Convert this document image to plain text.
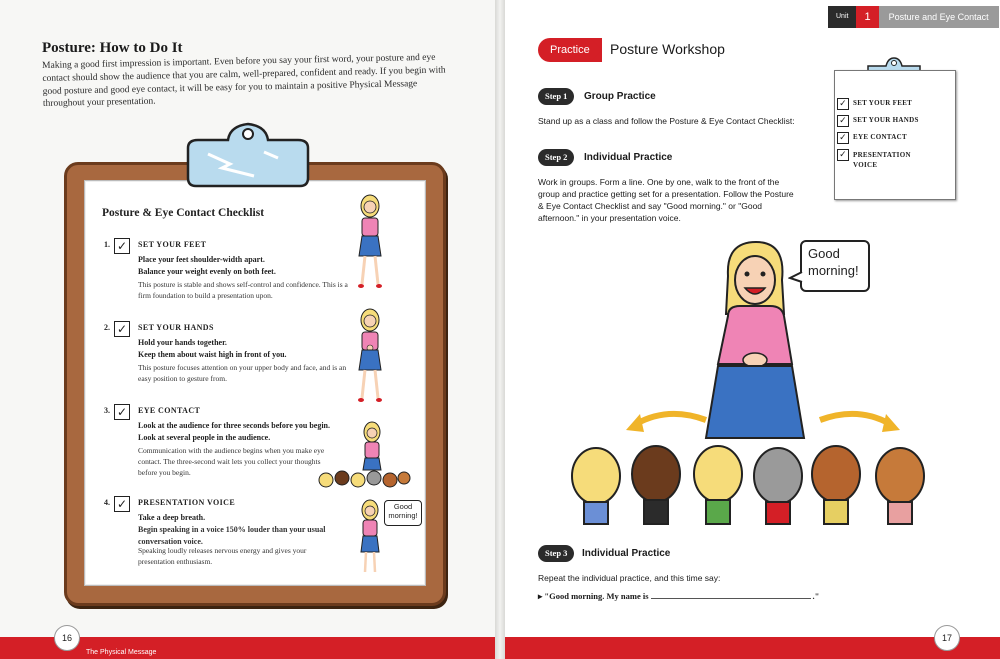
Posture: How to Do It
Making a good first impression is important. Even before you say your first word, your posture and eye contact should show the audience that you are calm, well-prepared, confident and ready. If you begin with good posture and good eye contact, it will be easy for you to maintain a positive Physical Message throughout your presentation.
Posture & Eye Contact Checklist
1. ✓	SET YOUR FEET
Place your feet shoulder-width apart.
Balance your weight evenly on both feet.
This posture is stable and shows self-control and confidence. This is a firm foundation to build a presentation upon.
2. ✓	SET YOUR HANDS
Hold your hands together.
Keep them about waist high in front of you.
This posture focuses attention on your upper body and face, and is an easy position to gesture from.
3. ✓	EYE CONTACT
Look at the audience for three seconds before you begin.
Look at several people in the audience.
Communication with the audience begins when you make eye contact. The three-second wait lets you collect your thoughts before you begin.
4. ✓	PRESENTATION VOICE
Take a deep breath.
Begin speaking in a voice 150% louder than your usual conversation voice.
Speaking loudly releases nervous energy and gives your presentation enthusiasm.
Good morning!
16
The Physical Message
17
Unit	1	Posture and Eye Contact
Practice	Posture Workshop
Step 1	Group Practice
Stand up as a class and follow the Posture & Eye Contact Checklist:
Step 2	Individual Practice
Work in groups. Form a line. One by one, walk to the front of the group and practice getting set for a presentation. Follow the Posture & Eye Contact Checklist and say "Good morning." or "Good afternoon." in your presentation voice.
✓ SET YOUR FEET
✓ SET YOUR HANDS
✓ EYE CONTACT
✓ PRESENTATION VOICE
Good morning!
Step 3	Individual Practice
Repeat the individual practice, and this time say:
▸ "Good morning. My name is	."
